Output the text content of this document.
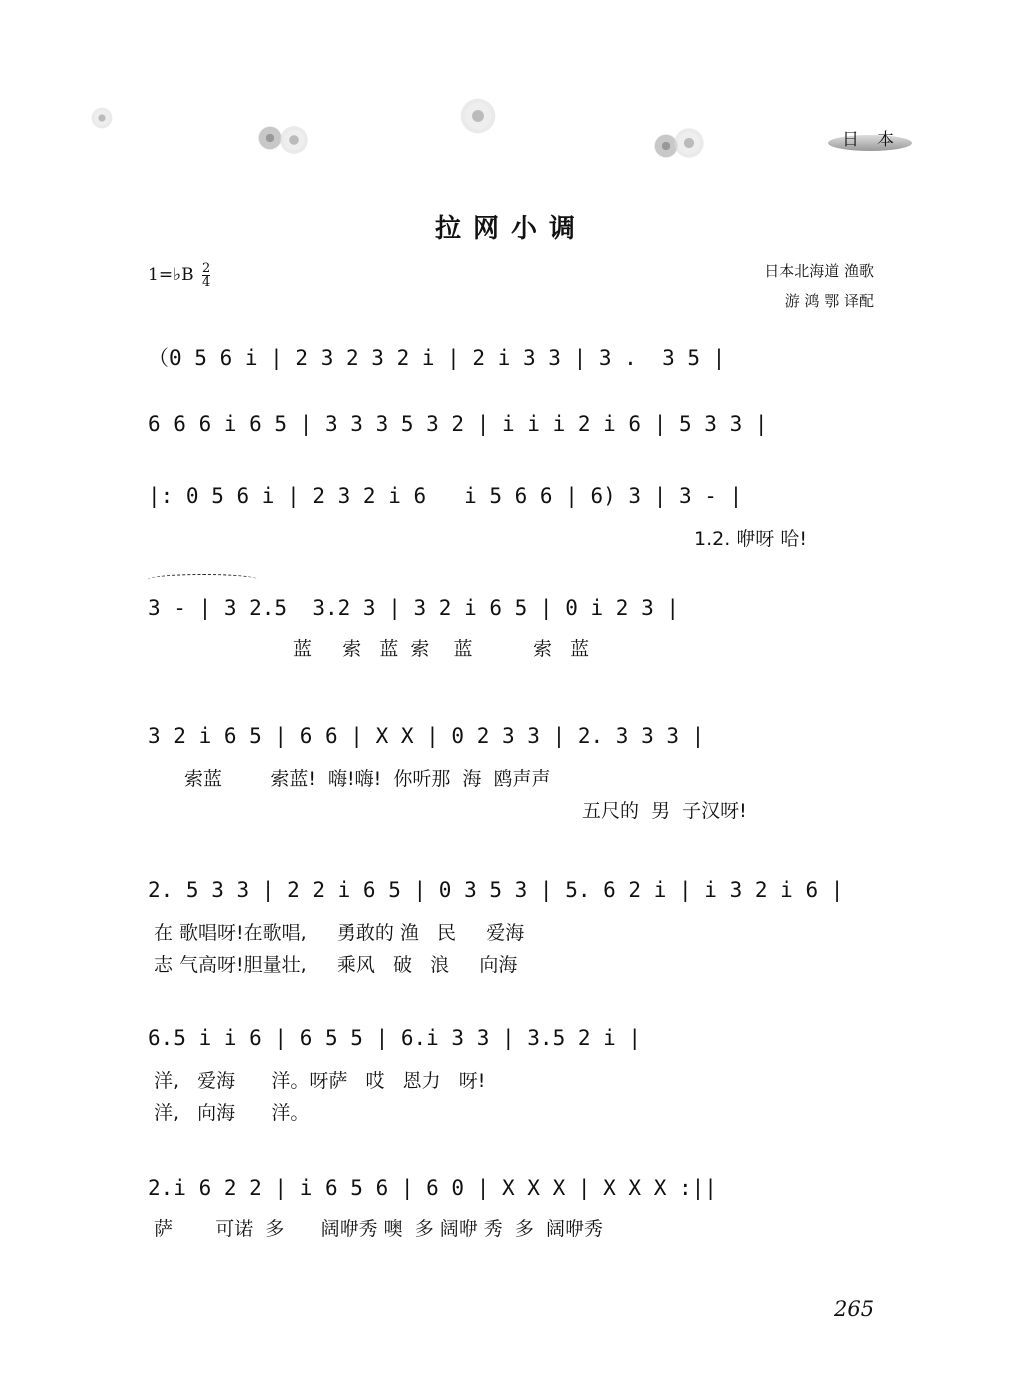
日本
拉网小调
1=♭B $\frac{2}{4}$	日本北海道 渔歌
游 鸿 鄂 译配
（0 5 6 i | 2 3 2 3 2 i | 2 i 3 3 | 3 .  3 5 |
6 6 6 i 6 5 | 3 3 3 5 3 2 | i i i 2 i 6 | 5 3 3 |
|: 0 5 6 i | 2 3 2 i 6   i 5 6 6 | 6) 3 | 3 - |
1.2. 咿呀 哈!
3 - | 3 2.5  3.2 3 | 3 2 i 6 5 | 0 i 2 3 |
蓝     索   蓝  索    蓝          索   蓝
3 2 i 6 5 | 6 6 | X X | 0 2 3 3 | 2. 3 3 3 |
索蓝        索蓝!  嗨!嗨!  你听那  海  鸥声声
五尺的  男  子汉呀!
2. 5 3 3 | 2 2 i 6 5 | 0 3 5 3 | 5. 6 2 i | i 3 2 i 6 |
在 歌唱呀!在歌唱,     勇敢的 渔   民     爱海
志 气高呀!胆量壮,     乘风   破   浪     向海
6.5 i i 6 | 6 5 5 | 6.i 3 3 | 3.5 2 i |
洋,   爱海      洋。呀萨   哎   恩力   呀!
洋,   向海      洋。
2.i 6 2 2 | i 6 5 6 | 6 0 | X X X | X X X :||
萨       可诺  多      阔咿秀 噢  多 阔咿 秀  多  阔咿秀
265
